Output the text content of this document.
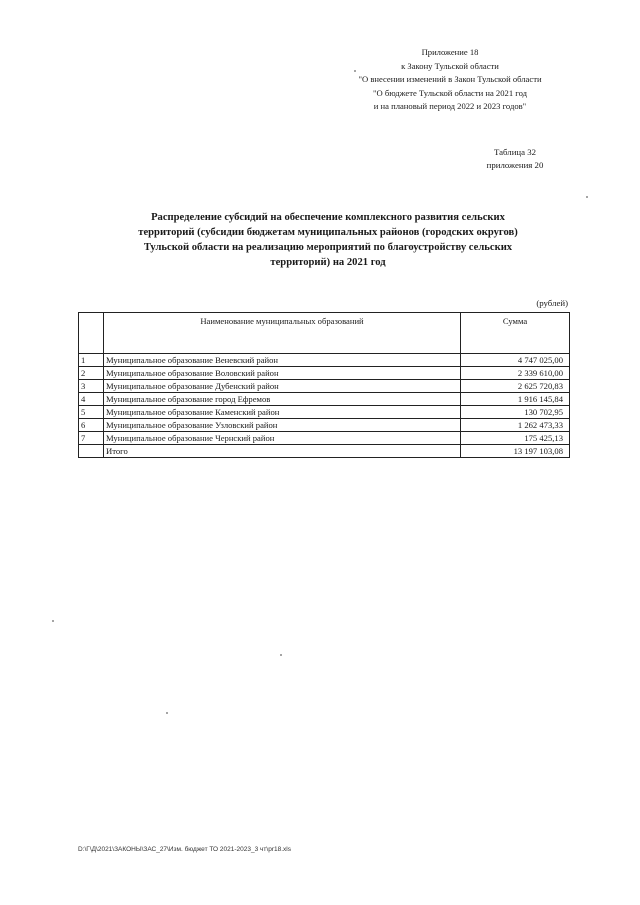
Приложение 18
к Закону Тульской области
"О внесении изменений в Закон Тульской области
"О бюджете Тульской области на 2021 год
и на плановый период 2022 и 2023 годов"
Таблица 32
приложения 20
Распределение субсидий на обеспечение комплексного развития сельских
территорий (субсидии бюджетам муниципальных районов (городских округов)
Тульской области на реализацию мероприятий по благоустройству сельских
территорий) на 2021 год
(рублей)
	Наименование муниципальных образований	Сумма
1	Муниципальное образование Веневский район	4 747 025,00
2	Муниципальное образование Воловский район	2 339 610,00
3	Муниципальное образование Дубенский район	2 625 720,83
4	Муниципальное образование город Ефремов	1 916 145,84
5	Муниципальное образование Каменский район	130 702,95
6	Муниципальное образование Узловский район	1 262 473,33
7	Муниципальное образование Чернский район	175 425,13
	Итого	13 197 103,08
D:\Г\Д\2021\ЗАКОНЫ\ЗАС_27\Изм. бюджет ТО 2021-2023_3 чт\pr18.xls
